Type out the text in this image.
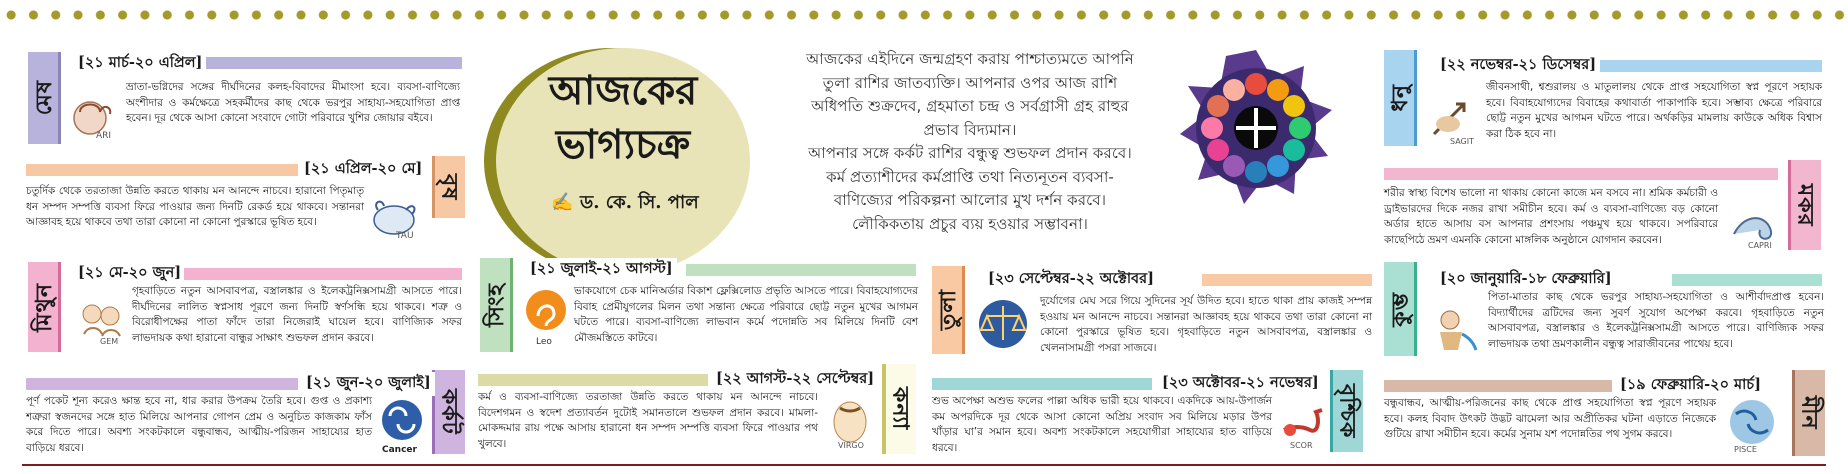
মেষ
[২১ মার্চ-২০ এপ্রিল]
ARI
ভ্রাতা-ভগ্নিদের সঙ্গের দীর্ঘদিনের কলহ-বিবাদের মীমাংসা হবে। ব্যবসা-বাণিজ্যে অংশীদার ও কর্মক্ষেত্রে সহকর্মীদের কাছ থেকে ভরপুর সাহায্য-সহযোগিতা প্রাপ্ত হবেন। দূর থেকে আসা কোনো সংবাদে গোটা পরিবারে খুশির জোয়ার বইবে।
বৃষ
[২১ এপ্রিল-২০ মে]
চতুর্দিক থেকে তরতাজা উন্নতি করতে থাকায় মন আনন্দে নাচবে। হারানো পিতৃমাতৃ ধন সম্পদ সম্পত্তি ব্যবসা ফিরে পাওয়ার জন্য দিনটি রেকর্ড হয়ে থাকবে। সন্তানরা আজ্ঞাবহ হয়ে থাকবে তথা তারা কোনো না কোনো পুরস্কারে ভূষিত হবে।
TAU
মিথুন
[২১ মে-২০ জুন]
GEM
গৃহবাড়িতে নতুন আসবাবপত্র, বস্ত্রালঙ্কার ও ইলেকট্রনিক্সসামগ্রী আসতে পারে। দীর্ঘদিনের লালিত স্বপ্নসাধ পূরণে জন্য দিনটি স্বর্ণসন্ধি হয়ে থাকবে। শত্রু ও বিরোধীপক্ষের পাতা ফাঁদে তারা নিজেরাই ঘায়েল হবে। বাণিজ্যিক সফর লাভদায়ক কথা হারানো বান্ধুর সাক্ষাৎ শুভফল প্রদান করবে।
কর্কট
[২১ জুন-২০ জুলাই]
পূর্ণ পকেট শূন্য করেও ক্ষান্ত হবে না, ধার করার উপক্রম তৈরি হবে। গুপ্ত ও প্রকাশ্য শত্রুরা স্বজনদের সঙ্গে হাত মিলিয়ে আপনার গোপন প্রেম ও অনুচিত কাজকাম ফাঁস করে দিতে পারে। অবশ্য সংকটকালে বন্ধুবান্ধব, আত্মীয়-পরিজন সাহায্যের হাত বাড়িয়ে ধরবে।	Cancer
আজকের
ভাগ্যচক্র
✍ ড. কে. সি. পাল
আজকের এইদিনে জন্মগ্রহণ করায় পাশ্চাত্যমতে আপনি
তুলা রাশির জাতব্যক্তি। আপনার ওপর আজ রাশি
অধিপতি শুক্রদেব, গ্রহমাতা চন্দ্র ও সর্বগ্রাসী গ্রহ রাহুর
প্রভাব বিদ্যমান।
আপনার সঙ্গে কর্কট রাশির বন্ধুত্ব শুভফল প্রদান করবে।
কর্ম প্রত্যাশীদের কর্মপ্রাপ্তি তথা নিত্যনূতন ব্যবসা-
বাণিজ্যের পরিকল্পনা আলোর মুখ দর্শন করবে।
লৌকিকতায় প্রচুর ব্যয় হওয়ার সম্ভাবনা।
সিংহ
[২১ জুলাই-২১ আগস্ট]
Leo
ভাকযোগে চেক মানিঅর্ডার বিকাশ ফ্লেক্সিলোড প্রভৃতি আসতে পারে। বিবাহযোগ্যদের বিবাহ প্রেমীযুগলের মিলন তথা সন্তান্য ক্ষেত্রে পরিবারে ছোট্ট নতুন মুখের আগমন ঘটতে পারে। ব্যবসা-বাণিজ্যে লাভবান কর্মে পদোন্নতি সব মিলিয়ে দিনটি বেশ মৌজমস্তিতে কাটবে।
কন্যা
[২২ আগস্ট-২২ সেপ্টেম্বর]
কর্ম ও ব্যবসা-বাণিজ্যে তরতাজা উন্নতি করতে থাকায় মন আনন্দে নাচবে। বিদেশগমন ও স্বদেশ প্রত্যাবর্তন দুটোই সমানতালে শুভফল প্রদান করবে। মামলা-মোকদ্দমার রায় পক্ষে আসায় হারানো ধন সম্পদ সম্পত্তি ব্যবসা ফিরে পাওয়ার পথ খুলবে।	VIRGO
তুলা
[২৩ সেপ্টেম্বর-২২ অক্টোবর]
দুর্যোগের মেঘ সরে গিয়ে সুদিনের সূর্য উদিত হবে। হাতে থাকা প্রায় কাজই সম্পন্ন হওয়ায় মন আনন্দে নাচবে। সন্তানরা আজ্ঞাবহ হয়ে থাকবে তথা তারা কোনো না কোনো পুরস্কারে ভূষিত হবে। গৃহবাড়িতে নতুন আসবাবপত্র, বস্ত্রালঙ্কার ও খেলনাসামগ্রী পসরা সাজবে।
বৃশ্চিক
[২৩ অক্টোবর-২১ নভেম্বর]
শুভ অপেক্ষা অশুভ ফলের পাল্লা অধিক ভারী হয়ে থাকবে। একদিকে আয়-উপার্জন কম অপরদিকে দূর থেকে আসা কোনো অপ্রিয় সংবাদ সব মিলিয়ে মড়ার উপর খাঁড়ার ঘা’র সমান হবে। অবশ্য সংকটকালে সহযোগীরা সাহায্যের হাত বাড়িয়ে ধরবে।	SCOR
ধনু
[২২ নভেম্বর-২১ ডিসেম্বর]
SAGIT
জীবনসাথী, শ্বশুরালয় ও মাতুলালয় থেকে প্রাপ্ত সহযোগিতা স্বপ্ন পূরণে সহায়ক হবে। বিবাহযোগ্যদের বিবাহের কথাবার্তা পাকাপাকি হবে। সম্ভাব্য ক্ষেত্রে পরিবারে ছোট্ট নতুন মুখের আগমন ঘটতে পারে। অর্থকড়ির মামলায় কাউকে অধিক বিশ্বাস করা ঠিক হবে না।
মকর
শরীর স্বাস্থ্য বিশেষ ভালো না থাকায় কোনো কাজে মন বসবে না। শ্রমিক কর্মচারী ও ড্রাইভারদের দিকে নজর রাখা সমীচীন হবে। কর্ম ও ব্যবসা-বাণিজ্যে বড় কোনো অর্ডার হাতে আসায় বস আপনার প্রশংসায় পঞ্চমুখ হয়ে থাকবে। সপরিবারে কাছেপিঠে ভ্রমণ এমনকি কোনো মাঙ্গলিক অনুষ্ঠানে যোগদান করবেন।	CAPRI
কুম্ভ
[২০ জানুয়ারি-১৮ ফেব্রুয়ারি]
পিতা-মাতার কাছ থেকে ভরপুর সাহায্য-সহযোগিতা ও আশীর্বাদপ্রাপ্ত হবেন। বিদ্যার্থীদের ত্রটিদের জন্য সুবর্ণ সুযোগ অপেক্ষা করবে। গৃহবাড়িতে নতুন আসবাবপত্র, বস্ত্রালঙ্কার ও ইলেকট্রনিক্সসামগ্রী আসতে পারে। বাণিজ্যিক সফর লাভদায়ক তথা ভ্রমণকালীন বন্ধুত্ব সারাজীবনের পাথেয় হবে।
মীন
[১৯ ফেব্রুয়ারি-২০ মার্চ]
বন্ধুবান্ধব, আত্মীয়-পরিজনের কাছ থেকে প্রাপ্ত সহযোগিতা স্বপ্ন পূরণে সহায়ক হবে। কলহ বিবাদ উৎকট উদ্ভট ঝামেলা আর অপ্রীতিকর ঘটনা এড়াতে নিজেকে গুটিয়ে রাখা সমীচীন হবে। কর্মের সুনাম যশ পদোন্নতির পথ সুগম করবে।
PISCE
